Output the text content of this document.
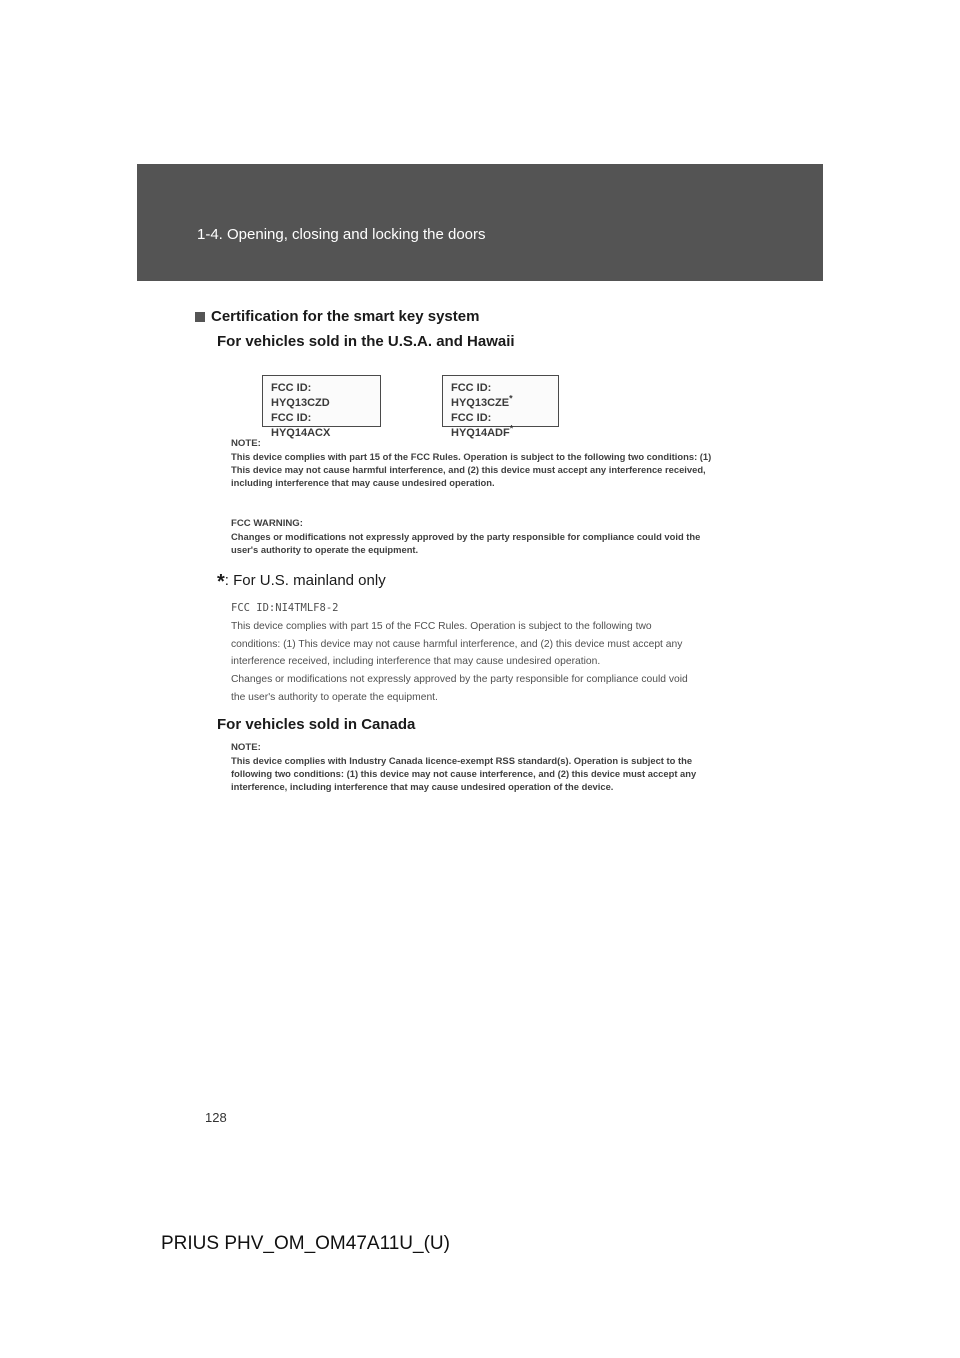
1-4. Opening, closing and locking the doors
Certification for the smart key system
For vehicles sold in the U.S.A. and Hawaii
FCC ID: HYQ13CZD
FCC ID: HYQ14ACX
FCC ID: HYQ13CZE*
FCC ID: HYQ14ADF*
NOTE:
This device complies with part 15 of the FCC Rules. Operation is subject to the following two conditions: (1)
This device may not cause harmful interference, and (2) this device must accept any interference received,
including interference that may cause undesired operation.
FCC WARNING:
Changes or modifications not expressly approved by the party responsible for compliance could void the
user's authority to operate the equipment.
*: For U.S. mainland only
FCC ID:NI4TMLF8-2
This device complies with part 15 of the FCC Rules. Operation is subject to the following two
conditions: (1) This device may not cause harmful interference, and (2) this device must accept any
interference received, including interference that may cause undesired operation.
Changes or modifications not expressly approved by the party responsible for compliance could void
the user's authority to operate the equipment.
For vehicles sold in Canada
NOTE:
This device complies with Industry Canada licence-exempt RSS standard(s). Operation is subject to the
following two conditions: (1) this device may not cause interference, and (2) this device must accept any
interference, including interference that may cause undesired operation of the device.
128
PRIUS PHV_OM_OM47A11U_(U)
